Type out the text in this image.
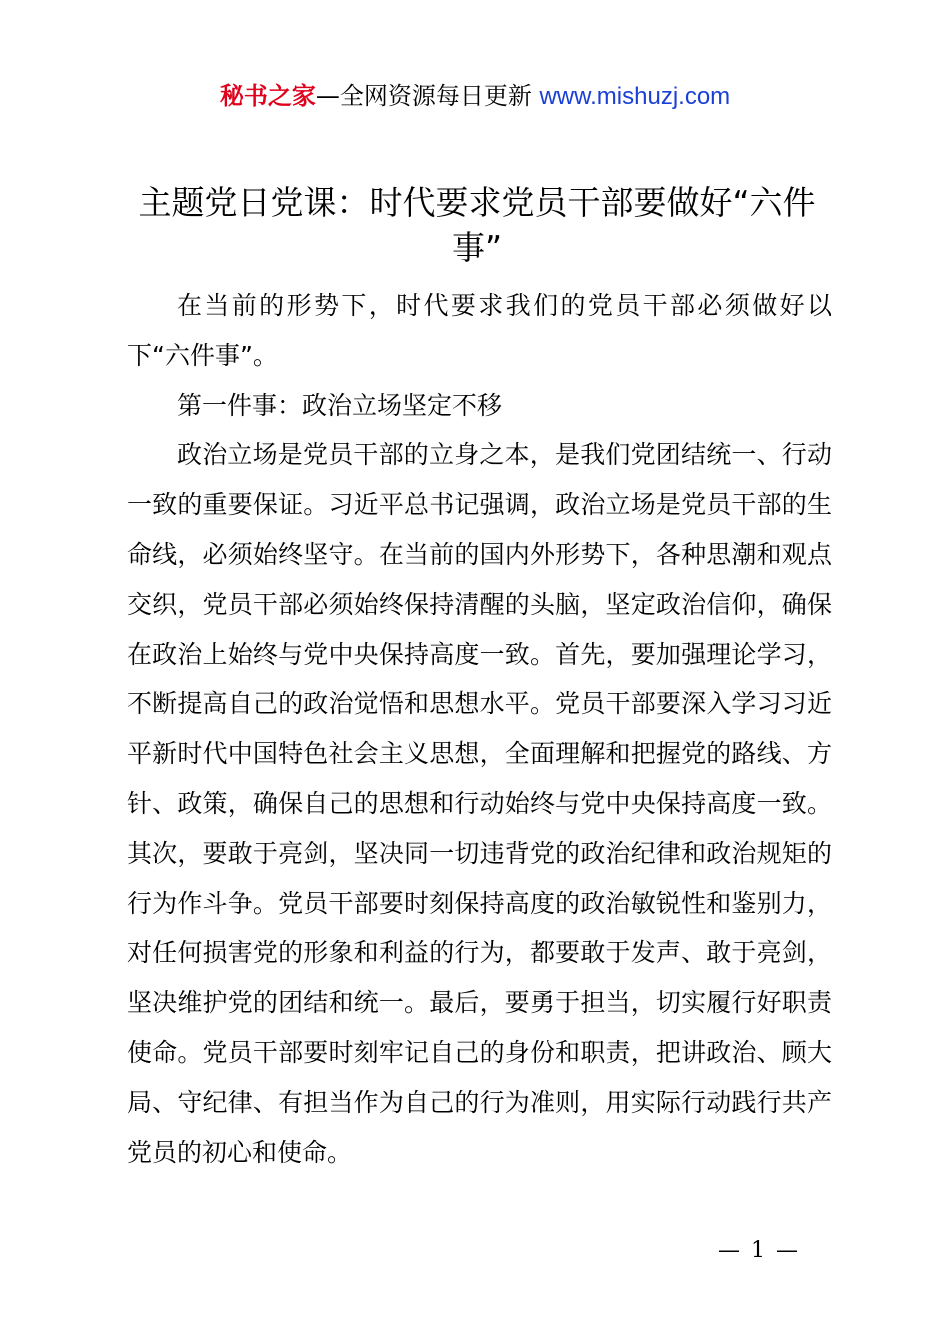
秘书之家—全网资源每日更新 www.mishuzj.com
主题党日党课：时代要求党员干部要做好“六件事”

在当前的形势下，时代要求我们的党员干部必须做好以下“六件事”。

第一件事：政治立场坚定不移

政治立场是党员干部的立身之本，是我们党团结统一、行动一致的重要保证。习近平总书记强调，政治立场是党员干部的生命线，必须始终坚守。在当前的国内外形势下，各种思潮和观点交织，党员干部必须始终保持清醒的头脑，坚定政治信仰，确保在政治上始终与党中央保持高度一致。首先，要加强理论学习，不断提高自己的政治觉悟和思想水平。党员干部要深入学习习近平新时代中国特色社会主义思想，全面理解和把握党的路线、方针、政策，确保自己的思想和行动始终与党中央保持高度一致。其次，要敢于亮剑，坚决同一切违背党的政治纪律和政治规矩的行为作斗争。党员干部要时刻保持高度的政治敏锐性和鉴别力，对任何损害党的形象和利益的行为，都要敢于发声、敢于亮剑，坚决维护党的团结和统一。最后，要勇于担当，切实履行好职责使命。党员干部要时刻牢记自己的身份和职责，把讲政治、顾大局、守纪律、有担当作为自己的行为准则，用实际行动践行共产党员的初心和使命。

— 1 —
